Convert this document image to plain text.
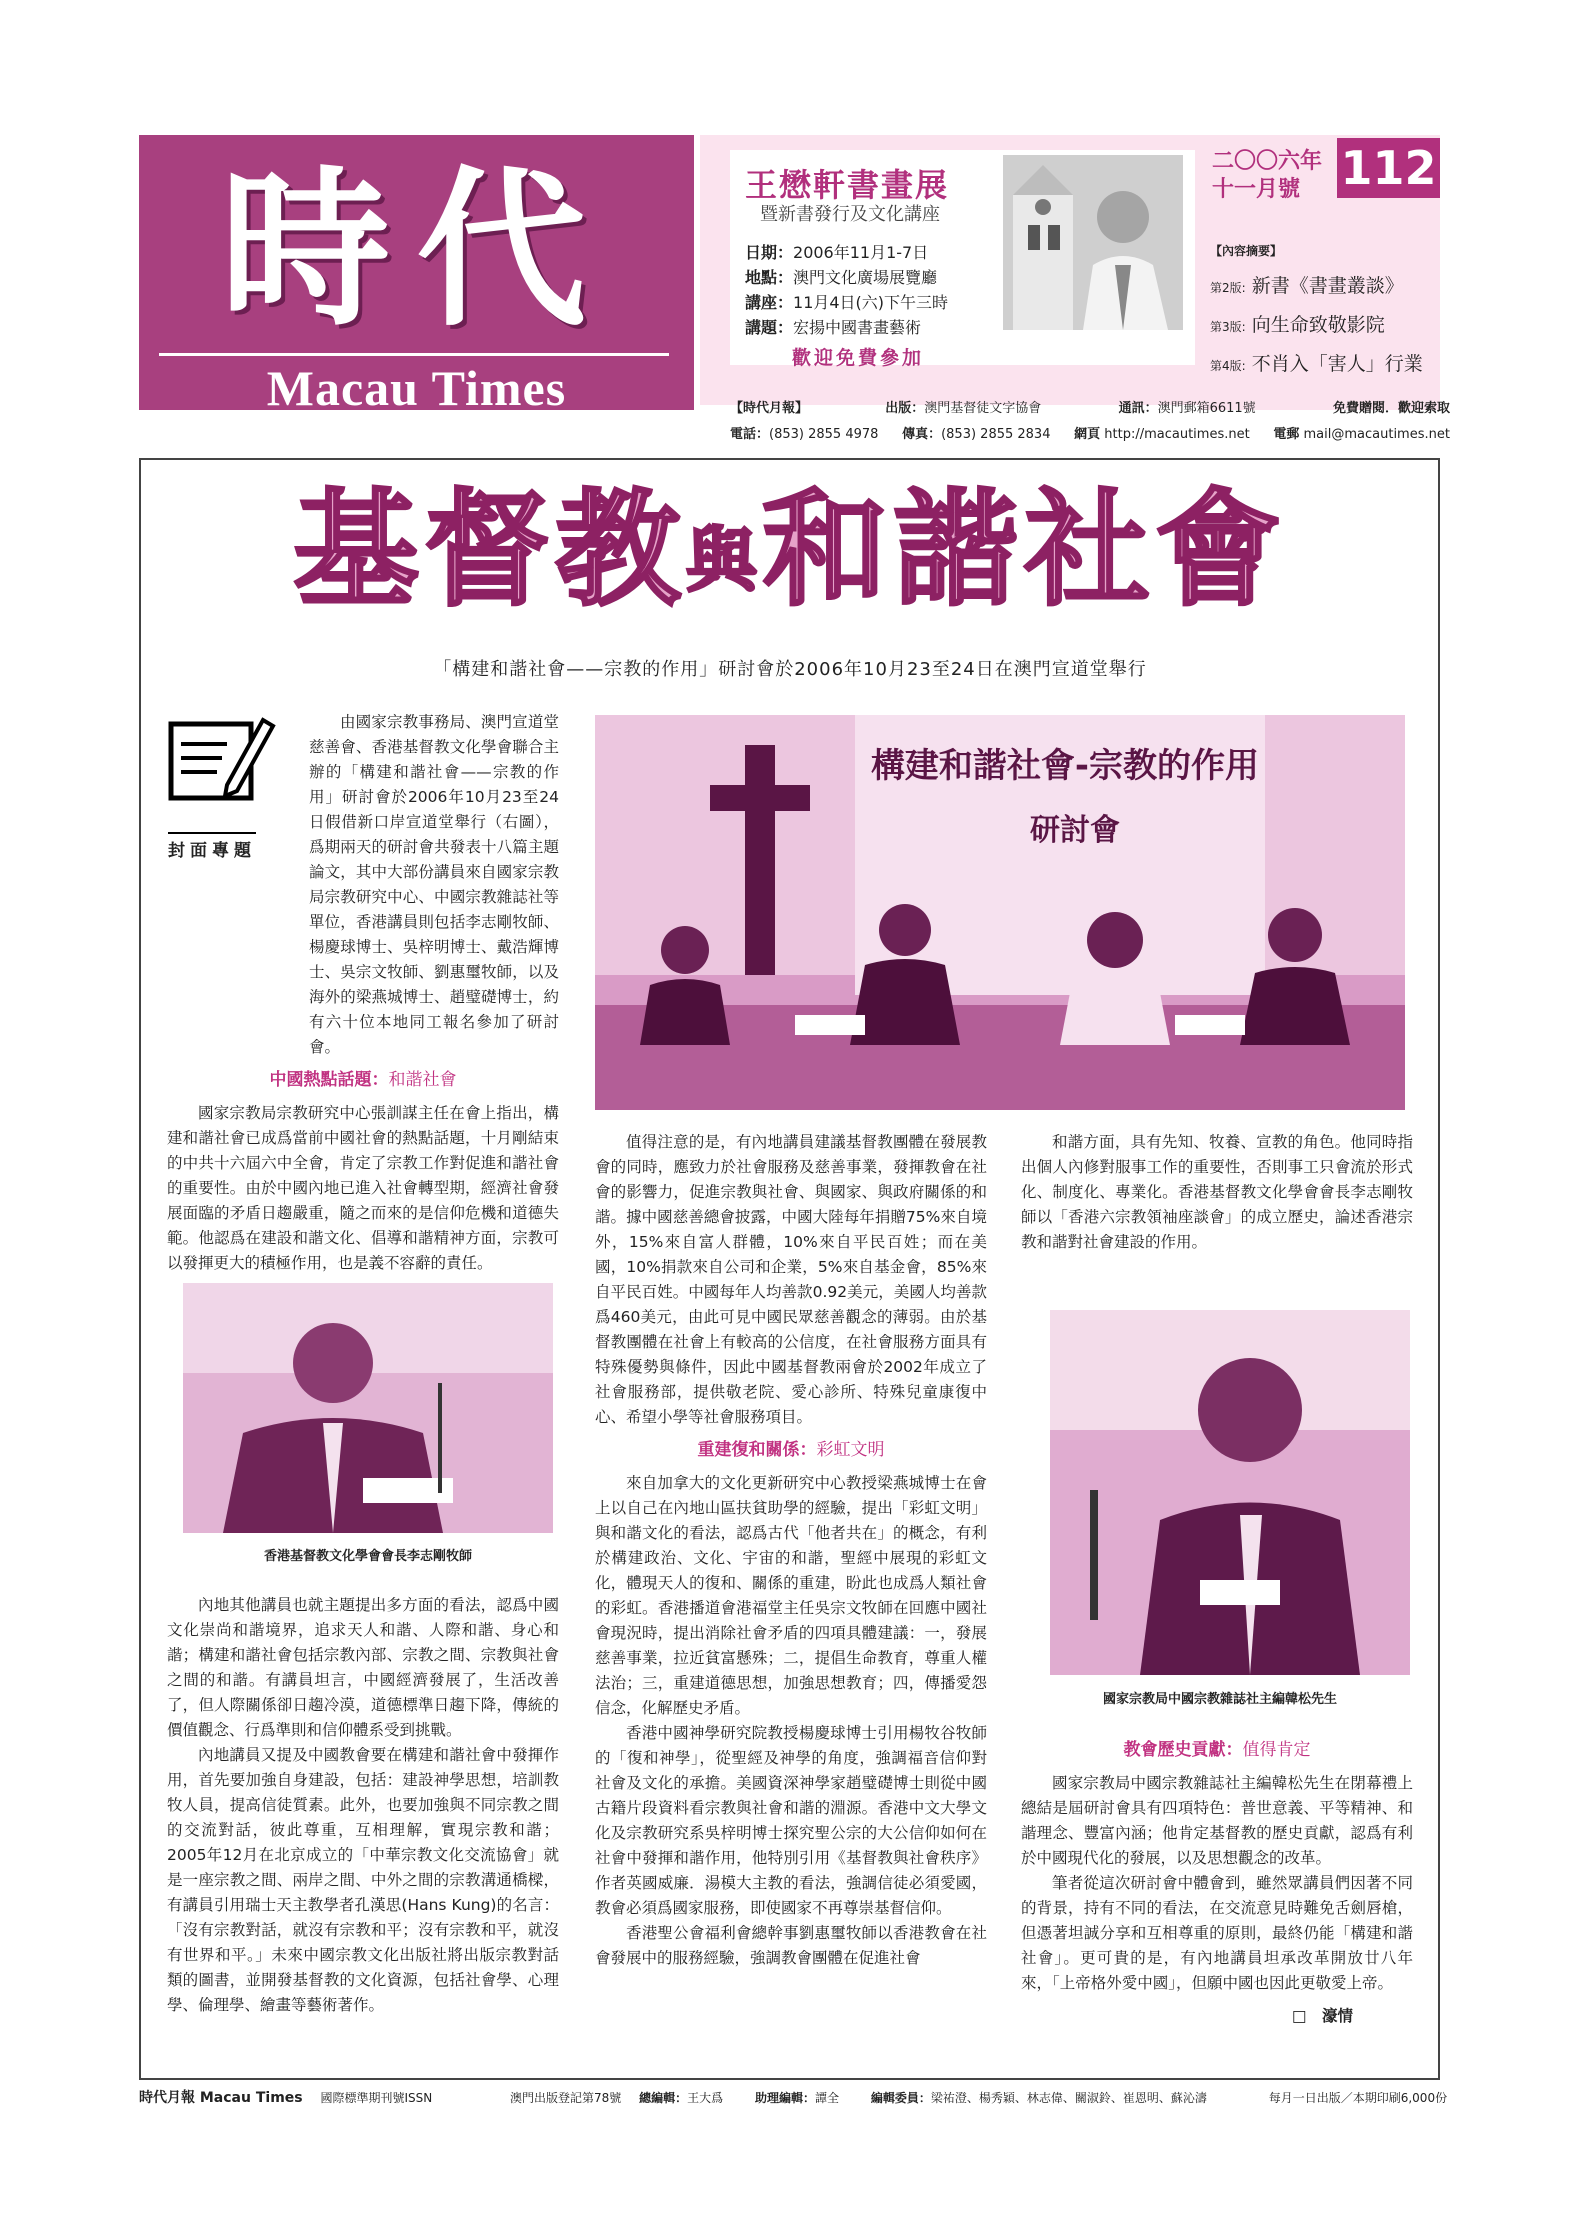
時代
Macau Times
王懋軒書畫展
暨新書發行及文化講座
日期：2006年11月1-7日
地點：澳門文化廣場展覽廳
講座：11月4日(六)下午三時
講題：宏揚中國書畫藝術
歡迎免費參加
二〇〇六年
十一月號 112
【內容摘要】
第2版: 新書《書畫叢談》
第3版: 向生命致敬影院
第4版: 不肖入「害人」行業
【時代月報】	出版：澳門基督徒文字協會	通訊：澳門郵箱6611號	免費贈閱．歡迎索取
電話：(853) 2855 4978 傳真：(853) 2855 2834 網頁 http://macautimes.net 電郵 mail@macautimes.net
基督教與和諧社會
「構建和諧社會——宗教的作用」研討會於2006年10月23至24日在澳門宣道堂舉行
封面專題

由國家宗教事務局、澳門宣道堂慈善會、香港基督教文化學會聯合主辦的「構建和諧社會——宗教的作用」研討會於2006年10月23至24日假借新口岸宣道堂舉行（右圖），爲期兩天的研討會共發表十八篇主題論文，其中大部份講員來自國家宗教局宗教研究中心、中國宗教雜誌社等單位，香港講員則包括李志剛牧師、楊慶球博士、吳梓明博士、戴浩輝博士、吳宗文牧師、劉惠璽牧師，以及海外的梁燕城博士、趙璧礎博士，約有六十位本地同工報名參加了研討會。

中國熱點話題：和諧社會

國家宗教局宗教研究中心張訓謀主任在會上指出，構建和諧社會已成爲當前中國社會的熱點話題，十月剛結束的中共十六屆六中全會，肯定了宗教工作對促進和諧社會的重要性。由於中國內地已進入社會轉型期，經濟社會發展面臨的矛盾日趨嚴重，隨之而來的是信仰危機和道德失範。他認爲在建設和諧文化、倡導和諧精神方面，宗教可以發揮更大的積極作用，也是義不容辭的責任。

香港基督教文化學會會長李志剛牧師

內地其他講員也就主題提出多方面的看法，認爲中國文化崇尚和諧境界，追求天人和諧、人際和諧、身心和諧；構建和諧社會包括宗教內部、宗教之間、宗教與社會之間的和諧。有講員坦言，中國經濟發展了，生活改善了，但人際關係卻日趨冷漠，道德標準日趨下降，傳統的價值觀念、行爲準則和信仰體系受到挑戰。

內地講員又提及中國教會要在構建和諧社會中發揮作用，首先要加強自身建設，包括：建設神學思想，培訓教牧人員，提高信徒質素。此外，也要加強與不同宗教之間的交流對話，彼此尊重，互相理解，實現宗教和諧；2005年12月在北京成立的「中華宗教文化交流協會」就是一座宗教之間、兩岸之間、中外之間的宗教溝通橋樑，有講員引用瑞士天主教學者孔漢思(Hans Kung)的名言：「沒有宗教對話，就沒有宗教和平；沒有宗教和平，就沒有世界和平。」未來中國宗教文化出版社將出版宗教對話類的圖書，並開發基督教的文化資源，包括社會學、心理學、倫理學、繪畫等藝術著作。

構建和諧社會-宗教的作用
研討會

值得注意的是，有內地講員建議基督教團體在發展教會的同時，應致力於社會服務及慈善事業，發揮教會在社會的影響力，促進宗教與社會、與國家、與政府關係的和諧。據中國慈善總會披露，中國大陸每年捐贈75%來自境外，15%來自富人群體，10%來自平民百姓；而在美國，10%捐款來自公司和企業，5%來自基金會，85%來自平民百姓。中國每年人均善款0.92美元，美國人均善款爲460美元，由此可見中國民眾慈善觀念的薄弱。由於基督教團體在社會上有較高的公信度，在社會服務方面具有特殊優勢與條件，因此中國基督教兩會於2002年成立了社會服務部，提供敬老院、愛心診所、特殊兒童康復中心、希望小學等社會服務項目。

重建復和關係：彩虹文明

來自加拿大的文化更新研究中心教授梁燕城博士在會上以自己在內地山區扶貧助學的經驗，提出「彩虹文明」與和諧文化的看法，認爲古代「他者共在」的概念，有利於構建政治、文化、宇宙的和諧，聖經中展現的彩虹文化，體現天人的復和、關係的重建，盼此也成爲人類社會的彩虹。香港播道會港福堂主任吳宗文牧師在回應中國社會現況時，提出消除社會矛盾的四項具體建議：一，發展慈善事業，拉近貧富懸殊；二，提倡生命教育，尊重人權法治；三，重建道德思想，加強思想教育；四，傳播愛怨信念，化解歷史矛盾。

香港中國神學研究院教授楊慶球博士引用楊牧谷牧師的「復和神學」，從聖經及神學的角度，強調福音信仰對社會及文化的承擔。美國資深神學家趙璧礎博士則從中國古籍片段資料看宗教與社會和諧的淵源。香港中文大學文化及宗教研究系吳梓明博士探究聖公宗的大公信仰如何在社會中發揮和諧作用，他特別引用《基督教與社會秩序》作者英國威廉．湯模大主教的看法，強調信徒必須愛國，教會必須爲國家服務，即使國家不再尊崇基督信仰。

香港聖公會福利會總幹事劉惠璽牧師以香港教會在社會發展中的服務經驗，強調教會團體在促進社會

和諧方面，具有先知、牧養、宣教的角色。他同時指出個人內修對服事工作的重要性，否則事工只會流於形式化、制度化、專業化。香港基督教文化學會會長李志剛牧師以「香港六宗教領袖座談會」的成立歷史，論述香港宗教和諧對社會建設的作用。

國家宗教局中國宗教雜誌社主編韓松先生
教會歷史貢獻：值得肯定

國家宗教局中國宗教雜誌社主編韓松先生在閉幕禮上總結是屆研討會具有四項特色：普世意義、平等精神、和諧理念、豐富內涵；他肯定基督教的歷史貢獻，認爲有利於中國現代化的發展，以及思想觀念的改革。

筆者從這次研討會中體會到，雖然眾講員們因著不同的背景，持有不同的看法，在交流意見時難免舌劍唇槍，但憑著坦誠分享和互相尊重的原則，最終仍能「構建和諧社會」。更可貴的是，有內地講員坦承改革開放廿八年來，「上帝格外愛中國」，但願中國也因此更敬愛上帝。

□　濠情
時代月報 Macau Times 國際標準期刊號ISSN	澳門出版登記第78號 總編輯：王大爲	助理編輯：譚全	編輯委員：梁祐澄、楊秀穎、林志偉、關淑鈴、崔恩明、蘇沁濤	每月一日出版／本期印刷6,000份
